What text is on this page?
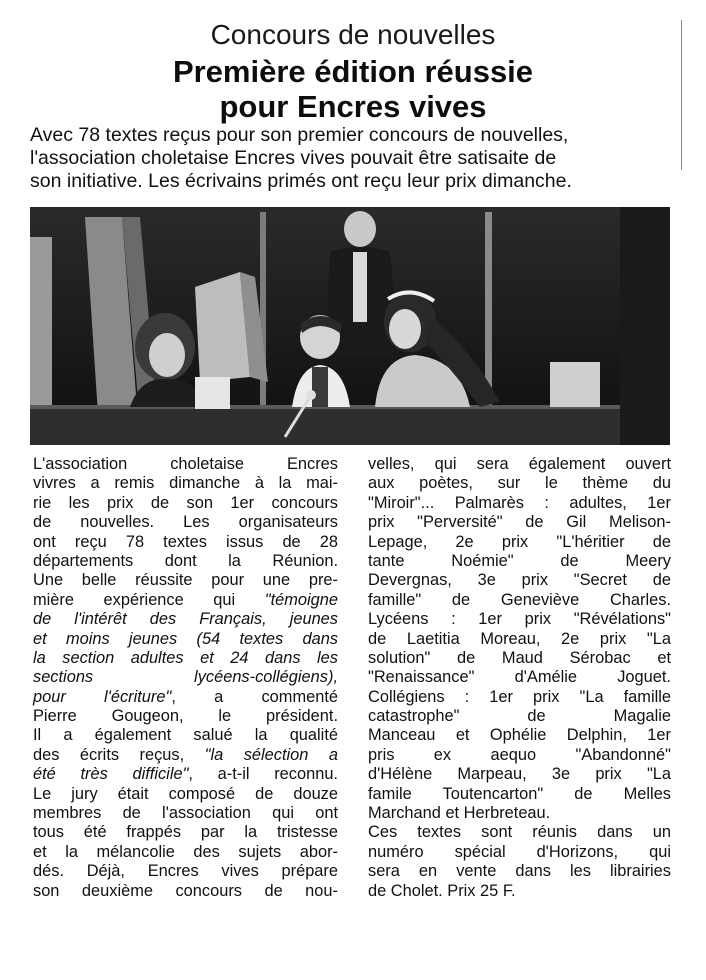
Concours de nouvelles
Première édition réussie
pour Encres vives
Avec 78 textes reçus pour son premier concours de nouvelles,
l'association choletaise Encres vives pouvait être satisaite de
son initiative. Les écrivains primés ont reçu leur prix dimanche.
L'association choletaise Encres
vivres a remis dimanche à la mai-
rie les prix de son 1er concours
de nouvelles. Les organisateurs
ont reçu 78 textes issus de 28
départements dont la Réunion.
Une belle réussite pour une pre-
mière expérience qui "témoigne
de l'intérêt des Français, jeunes
et moins jeunes (54 textes dans
la section adultes et 24 dans les
sections lycéens-collégiens),
pour l'écriture", a commenté
Pierre Gougeon, le président.
Il a également salué la qualité
des écrits reçus, "la sélection a
été très difficile", a-t-il reconnu.
Le jury était composé de douze
membres de l'association qui ont
tous été frappés par la tristesse
et la mélancolie des sujets abor-
dés. Déjà, Encres vives prépare
son deuxième concours de nou-
velles, qui sera également ouvert
aux poètes, sur le thème du
"Miroir"... Palmarès : adultes, 1er
prix "Perversité" de Gil Melison-
Lepage, 2e prix "L'héritier de
tante Noémie" de Meery
Devergnas, 3e prix "Secret de
famille" de Geneviève Charles.
Lycéens : 1er prix "Révélations"
de Laetitia Moreau, 2e prix "La
solution" de Maud Sérobac et
"Renaissance" d'Amélie Joguet.
Collégiens : 1er prix "La famille
catastrophe" de Magalie
Manceau et Ophélie Delphin, 1er
pris ex aequo "Abandonné"
d'Hélène Marpeau, 3e prix "La
famile Toutencarton" de Melles
Marchand et Herbreteau.
Ces textes sont réunis dans un
numéro spécial d'Horizons, qui
sera en vente dans les librairies
de Cholet. Prix 25 F.
